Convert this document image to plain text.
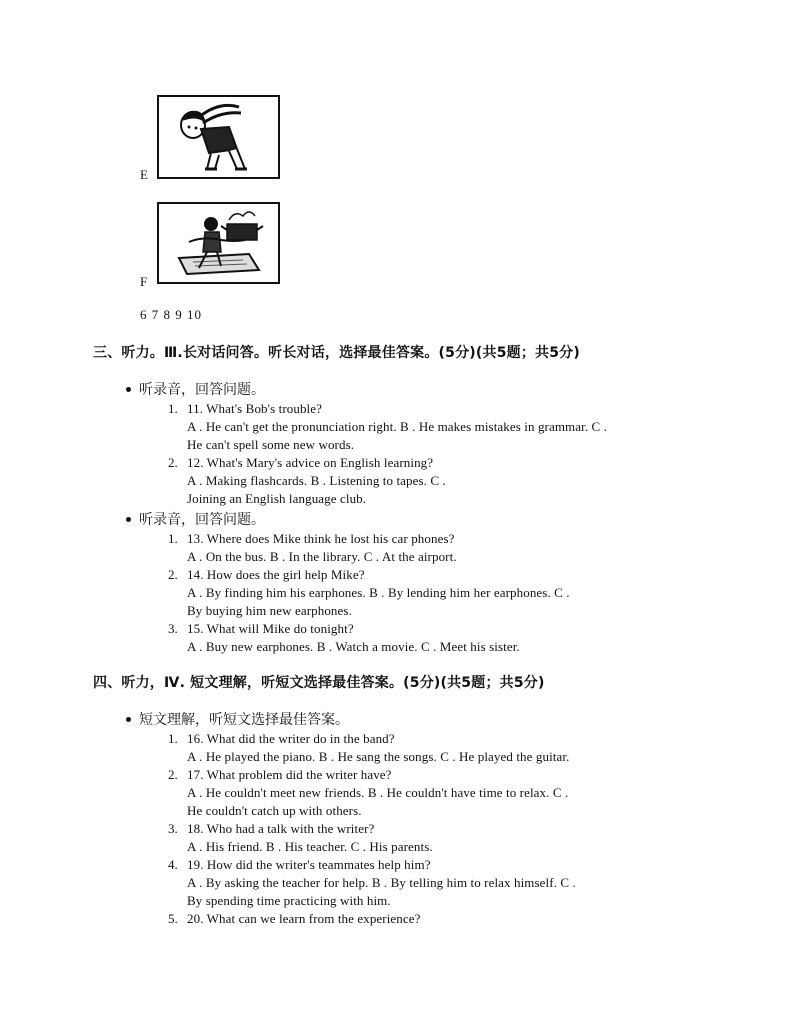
E
F
6 7 8 9 10
三、听力。Ⅲ.长对话问答。听长对话，选择最佳答案。(5分)(共5题；共5分)
听录音，回答问题。
1. 11. What's Bob's trouble?
A . He can't get the pronunciation right. B . He makes mistakes in grammar. C .
He can't spell some new words.
2. 12. What's Mary's advice on English learning?
A . Making flashcards. B . Listening to tapes. C .
Joining an English language club.
听录音，回答问题。
1. 13. Where does Mike think he lost his car phones?
A . On the bus. B . In the library. C . At the airport.
2. 14. How does the girl help Mike?
A . By finding him his earphones. B . By lending him her earphones. C .
By buying him new earphones.
3. 15. What will Mike do tonight?
A . Buy new earphones. B . Watch a movie. C . Meet his sister.
四、听力，Ⅳ. 短文理解，听短文选择最佳答案。(5分)(共5题；共5分)
短文理解，听短文选择最佳答案。
1. 16. What did the writer do in the band?
A . He played the piano. B . He sang the songs. C . He played the guitar.
2. 17. What problem did the writer have?
A . He couldn't meet new friends. B . He couldn't have time to relax. C .
He couldn't catch up with others.
3. 18. Who had a talk with the writer?
A . His friend. B . His teacher. C . His parents.
4. 19. How did the writer's teammates help him?
A . By asking the teacher for help. B . By telling him to relax himself. C .
By spending time practicing with him.
5. 20. What can we learn from the experience?
